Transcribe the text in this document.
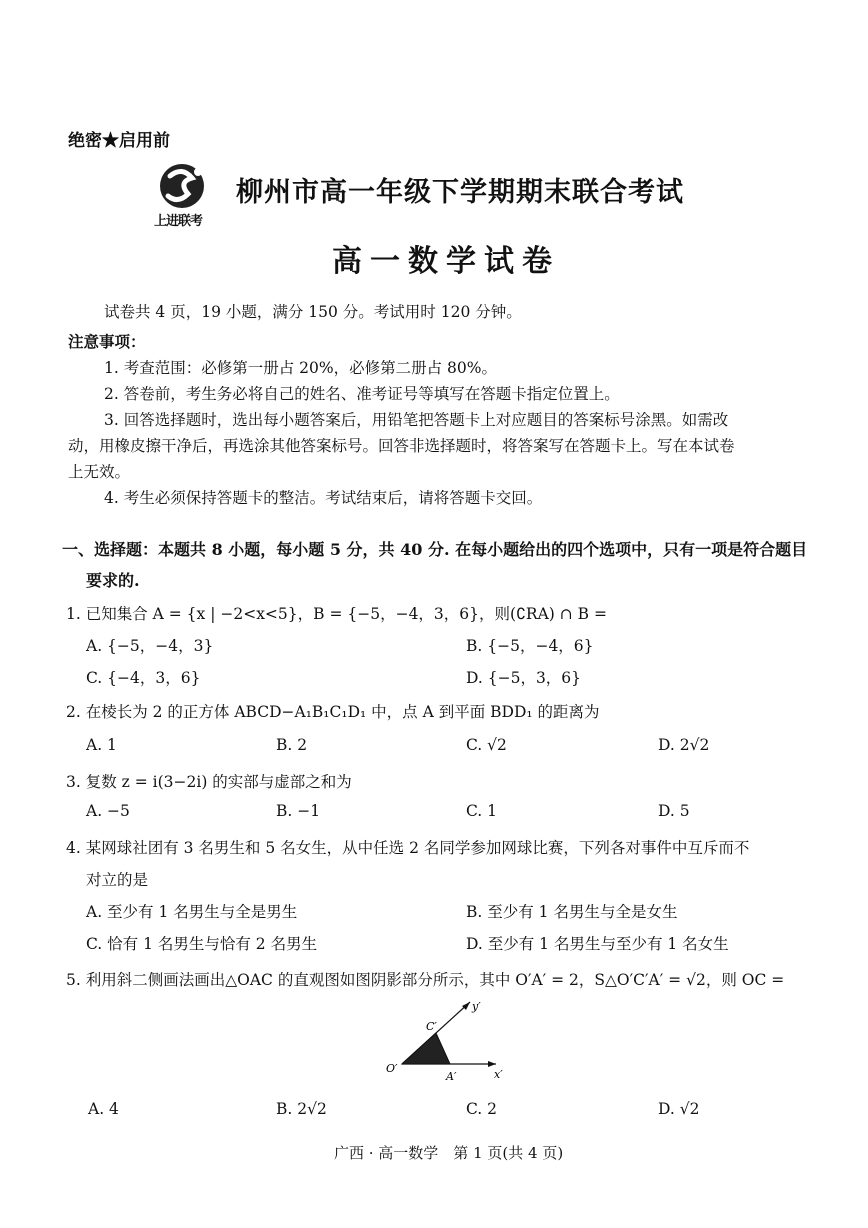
绝密★启用前
上进联考
柳州市高一年级下学期期末联合考试
高一数学试卷
试卷共 4 页，19 小题，满分 150 分。考试用时 120 分钟。
注意事项：
1. 考查范围：必修第一册占 20%，必修第二册占 80%。
2. 答卷前，考生务必将自己的姓名、准考证号等填写在答题卡指定位置上。
3. 回答选择题时，选出每小题答案后，用铅笔把答题卡上对应题目的答案标号涂黑。如需改
动，用橡皮擦干净后，再选涂其他答案标号。回答非选择题时，将答案写在答题卡上。写在本试卷
上无效。
4. 考生必须保持答题卡的整洁。考试结束后，请将答题卡交回。
一、选择题：本题共 8 小题，每小题 5 分，共 40 分. 在每小题给出的四个选项中，只有一项是符合题目
要求的.
1. 已知集合 A = {x | −2<x<5}，B = {−5，−4，3，6}，则(∁RA) ∩ B =
A. {−5，−4，3}	B. {−5，−4，6}
C. {−4，3，6}	D. {−5，3，6}
2. 在棱长为 2 的正方体 ABCD−A₁B₁C₁D₁ 中，点 A 到平面 BDD₁ 的距离为
A. 1	B. 2	C. √2	D. 2√2
3. 复数 z = i(3−2i) 的实部与虚部之和为
A. −5	B. −1	C. 1	D. 5
4. 某网球社团有 3 名男生和 5 名女生，从中任选 2 名同学参加网球比赛，下列各对事件中互斥而不
对立的是
A. 至少有 1 名男生与全是男生	B. 至少有 1 名男生与全是女生
C. 恰有 1 名男生与恰有 2 名男生	D. 至少有 1 名男生与至少有 1 名女生
5. 利用斜二侧画法画出△OAC 的直观图如图阴影部分所示，其中 O′A′ = 2，S△O′C′A′ = √2，则 OC =
O′
A′
C′
x′
y′
A. 4	B. 2√2	C. 2	D. √2
广西 · 高一数学　第 1 页(共 4 页)
